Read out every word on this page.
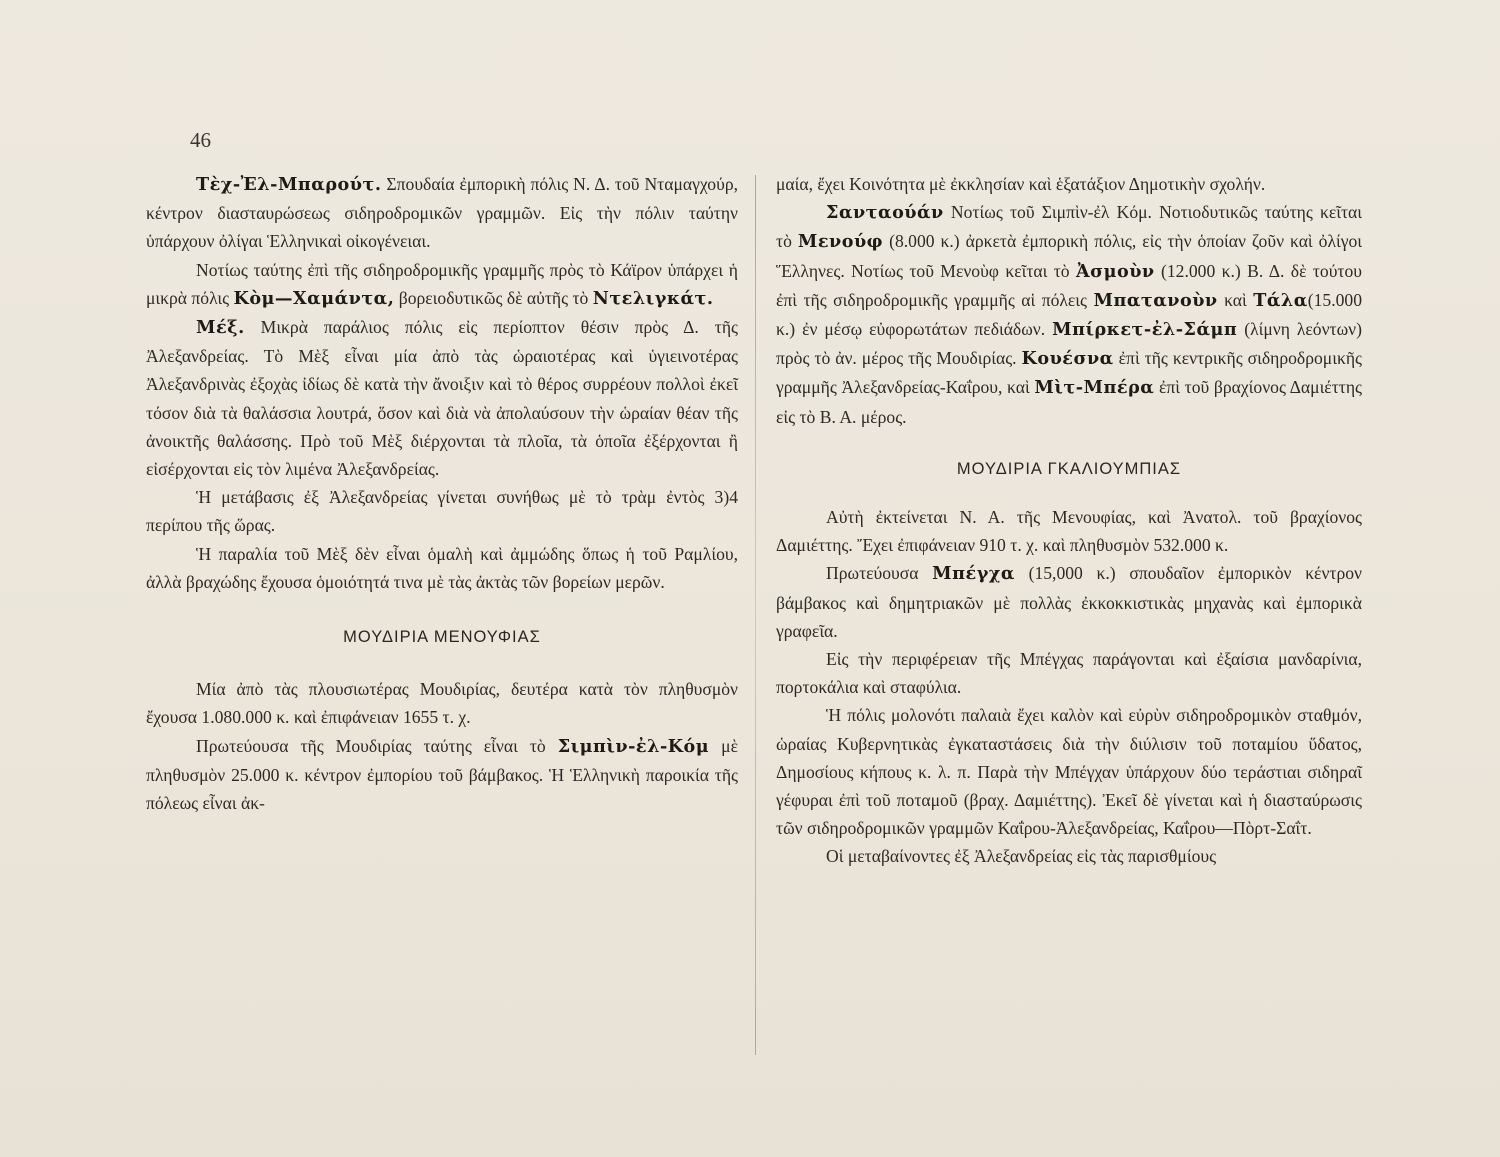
46

Τὲχ-Ἐλ-Μπαρούτ. Σπουδαία ἐμπορικὴ πόλις Ν. Δ. τοῦ Νταμαγχούρ, κέντρον διασταυρώσεως σιδηροδρομικῶν γραμμῶν. Εἰς τὴν πόλιν ταύτην ὑπάρχουν ὀλίγαι Ἑλληνικαὶ οἰκογένειαι.

Νοτίως ταύτης ἐπὶ τῆς σιδηροδρομικῆς γραμμῆς πρὸς τὸ Κάϊρον ὑπάρχει ἡ μικρὰ πόλις Κὸμ—Χαμάντα, βορειοδυτικῶς δὲ αὐτῆς τὸ Ντελιγκάτ.

Μέξ. Μικρὰ παράλιος πόλις εἰς περίοπτον θέσιν πρὸς Δ. τῆς Ἀλεξανδρείας. Τὸ Μὲξ εἶναι μία ἀπὸ τὰς ὡραιοτέρας καὶ ὑγιεινοτέρας Ἀλεξανδρινὰς ἐξοχὰς ἰδίως δὲ κατὰ τὴν ἄνοιξιν καὶ τὸ θέρος συρρέουν πολλοὶ ἐκεῖ τόσον διὰ τὰ θαλάσσια λουτρά, ὅσον καὶ διὰ νὰ ἀπολαύσουν τὴν ὡραίαν θέαν τῆς ἀνοικτῆς θαλάσσης. Πρὸ τοῦ Μὲξ διέρχονται τὰ πλοῖα, τὰ ὁποῖα ἐξέρχονται ἢ εἰσέρχονται εἰς τὸν λιμένα Ἀλεξανδρείας.

Ἡ μετάβασις ἐξ Ἀλεξανδρείας γίνεται συνήθως μὲ τὸ τρὰμ ἐντὸς 3)4 περίπου τῆς ὥρας.

Ἡ παραλία τοῦ Μὲξ δὲν εἶναι ὁμαλὴ καὶ ἀμμώδης ὅπως ἡ τοῦ Ραμλίου, ἀλλὰ βραχώδης ἔχουσα ὁμοιότητά τινα μὲ τὰς ἀκτὰς τῶν βορείων μερῶν.

ΜΟΥΔΙΡΙΑ ΜΕΝΟΥΦΙΑΣ

Μία ἀπὸ τὰς πλουσιωτέρας Μουδιρίας, δευτέρα κατὰ τὸν πληθυσμὸν ἔχουσα 1.080.000 κ. καὶ ἐπιφάνειαν 1655 τ. χ.

Πρωτεύουσα τῆς Μουδιρίας ταύτης εἶναι τὸ Σιμπὶν-ἐλ-Κόμ μὲ πληθυσμὸν 25.000 κ. κέντρον ἐμπορίου τοῦ βάμβακος. Ἡ Ἑλληνικὴ παροικία τῆς πόλεως εἶναι ἀκ-

μαία, ἔχει Κοινότητα μὲ ἐκκλησίαν καὶ ἑξατάξιον Δημοτικὴν σχολήν.

Σανταούάν Νοτίως τοῦ Σιμπὶν-ἐλ Κόμ. Νοτιοδυτικῶς ταύτης κεῖται τὸ Μενούφ (8.000 κ.) ἀρκετὰ ἐμπορικὴ πόλις, εἰς τὴν ὁποίαν ζοῦν καὶ ὀλίγοι Ἕλληνες. Νοτίως τοῦ Μενοὺφ κεῖται τὸ Ἀσμοὺν (12.000 κ.) Β. Δ. δὲ τούτου ἐπὶ τῆς σιδηροδρομικῆς γραμμῆς αἱ πόλεις Μπατανοὺν καὶ Τάλα(15.000 κ.) ἐν μέσῳ εὐφορωτάτων πεδιάδων. Μπίρκετ-ἐλ-Σάμπ (λίμνη λεόντων) πρὸς τὸ ἀν. μέρος τῆς Μουδιρίας. Κουέσνα ἐπὶ τῆς κεντρικῆς σιδηροδρομικῆς γραμμῆς Ἀλεξανδρείας-Καΐρου, καὶ Μὶτ-Μπέρα ἐπὶ τοῦ βραχίονος Δαμιέττης εἰς τὸ Β. Α. μέρος.

ΜΟΥΔΙΡΙΑ ΓΚΑΛΙΟΥΜΠΙΑΣ

Αὐτὴ ἐκτείνεται Ν. Α. τῆς Μενουφίας, καὶ Ἀνατολ. τοῦ βραχίονος Δαμιέττης. Ἔχει ἐπιφάνειαν 910 τ. χ. καὶ πληθυσμὸν 532.000 κ.

Πρωτεύουσα Μπέγχα (15,000 κ.) σπουδαῖον ἐμπορικὸν κέντρον βάμβακος καὶ δημητριακῶν μὲ πολλὰς ἐκκοκκιστικὰς μηχανὰς καὶ ἐμπορικὰ γραφεῖα.

Εἰς τὴν περιφέρειαν τῆς Μπέγχας παράγονται καὶ ἐξαίσια μανδαρίνια, πορτοκάλια καὶ σταφύλια.

Ἡ πόλις μολονότι παλαιὰ ἔχει καλὸν καὶ εὐρὺν σιδηροδρομικὸν σταθμόν, ὡραίας Κυβερνητικὰς ἐγκαταστάσεις διὰ τὴν διύλισιν τοῦ ποταμίου ὕδατος, Δημοσίους κήπους κ. λ. π. Παρὰ τὴν Μπέγχαν ὑπάρχουν δύο τεράστιαι σιδηραῖ γέφυραι ἐπὶ τοῦ ποταμοῦ (βραχ. Δαμιέττης). Ἐκεῖ δὲ γίνεται καὶ ἡ διασταύρωσις τῶν σιδηροδρομικῶν γραμμῶν Καΐρου-Ἀλεξανδρείας, Καΐρου—Πὸρτ-Σαΐτ.

Οἱ μεταβαίνοντες ἐξ Ἀλεξανδρείας εἰς τὰς παρισθμίους
